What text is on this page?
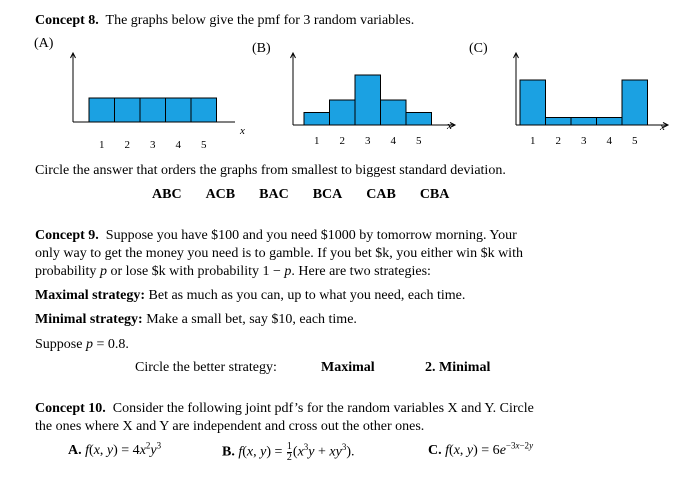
Concept 8. The graphs below give the pmf for 3 random variables.
(A)	(B)	(C)
1 2 3 4 5
x
1 2 3 4 5
x
1 2 3 4 5
x
Circle the answer that orders the graphs from smallest to biggest standard deviation.
ABC ACB BAC BCA CAB CBA
Concept 9. Suppose you have $100 and you need $1000 by tomorrow morning. Your
only way to get the money you need is to gamble. If you bet $k, you either win $k with
probability p or lose $k with probability 1 − p. Here are two strategies:
Maximal strategy: Bet as much as you can, up to what you need, each time.
Minimal strategy: Make a small bet, say $10, each time.
Suppose p = 0.8.
Circle the better strategy:	Maximal	2. Minimal
Concept 10. Consider the following joint pdf’s for the random variables X and Y. Circle
the ones where X and Y are independent and cross out the other ones.
A. f(x, $y) = 4x^2y^3$	B. f(x, $y) = \frac{1}{2} (x^3y + xy^3)$.	C. f(x, $y) = 6e^{-3x-2y}$
